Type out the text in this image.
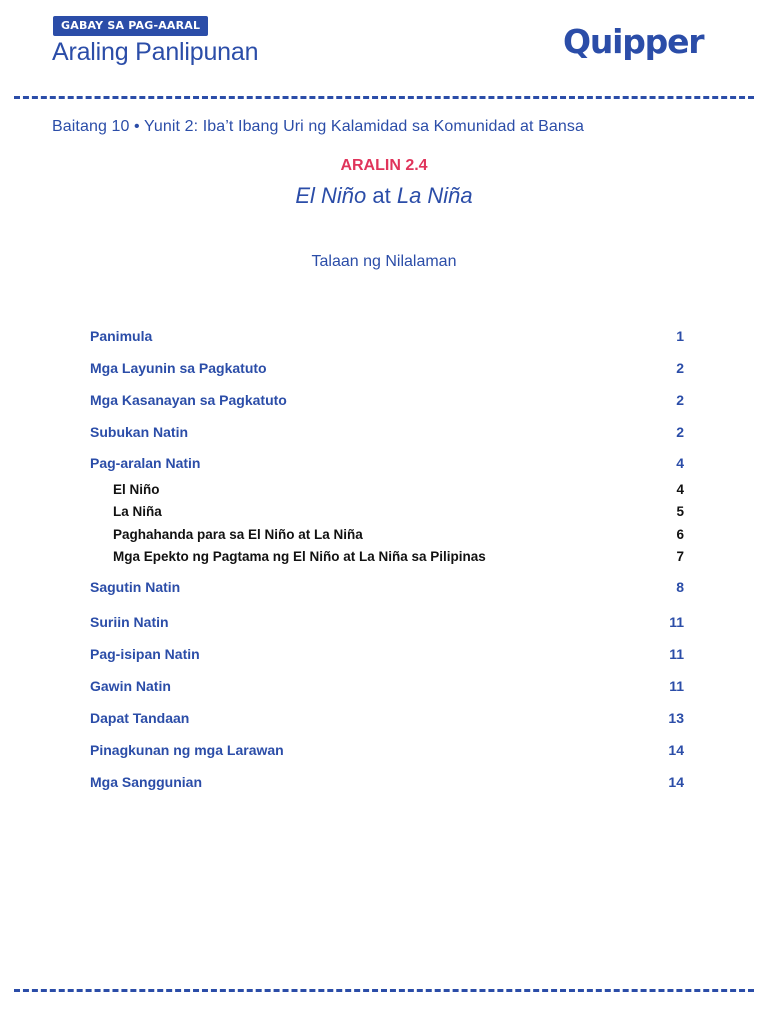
GABAY SA PAG-AARAL
Araling Panlipunan	Quipper
Baitang 10 • Yunit 2: Iba’t Ibang Uri ng Kalamidad sa Komunidad at Bansa
ARALIN 2.4
El Niño at La Niña
Talaan ng Nilalaman
Panimula	1
Mga Layunin sa Pagkatuto	2
Mga Kasanayan sa Pagkatuto	2
Subukan Natin	2
Pag-aralan Natin	4
El Niño	4
La Niña	5
Paghahanda para sa El Niño at La Niña	6
Mga Epekto ng Pagtama ng El Niño at La Niña sa Pilipinas	7
Sagutin Natin	8
Suriin Natin	11
Pag-isipan Natin	11
Gawin Natin	11
Dapat Tandaan	13
Pinagkunan ng mga Larawan	14
Mga Sanggunian	14
